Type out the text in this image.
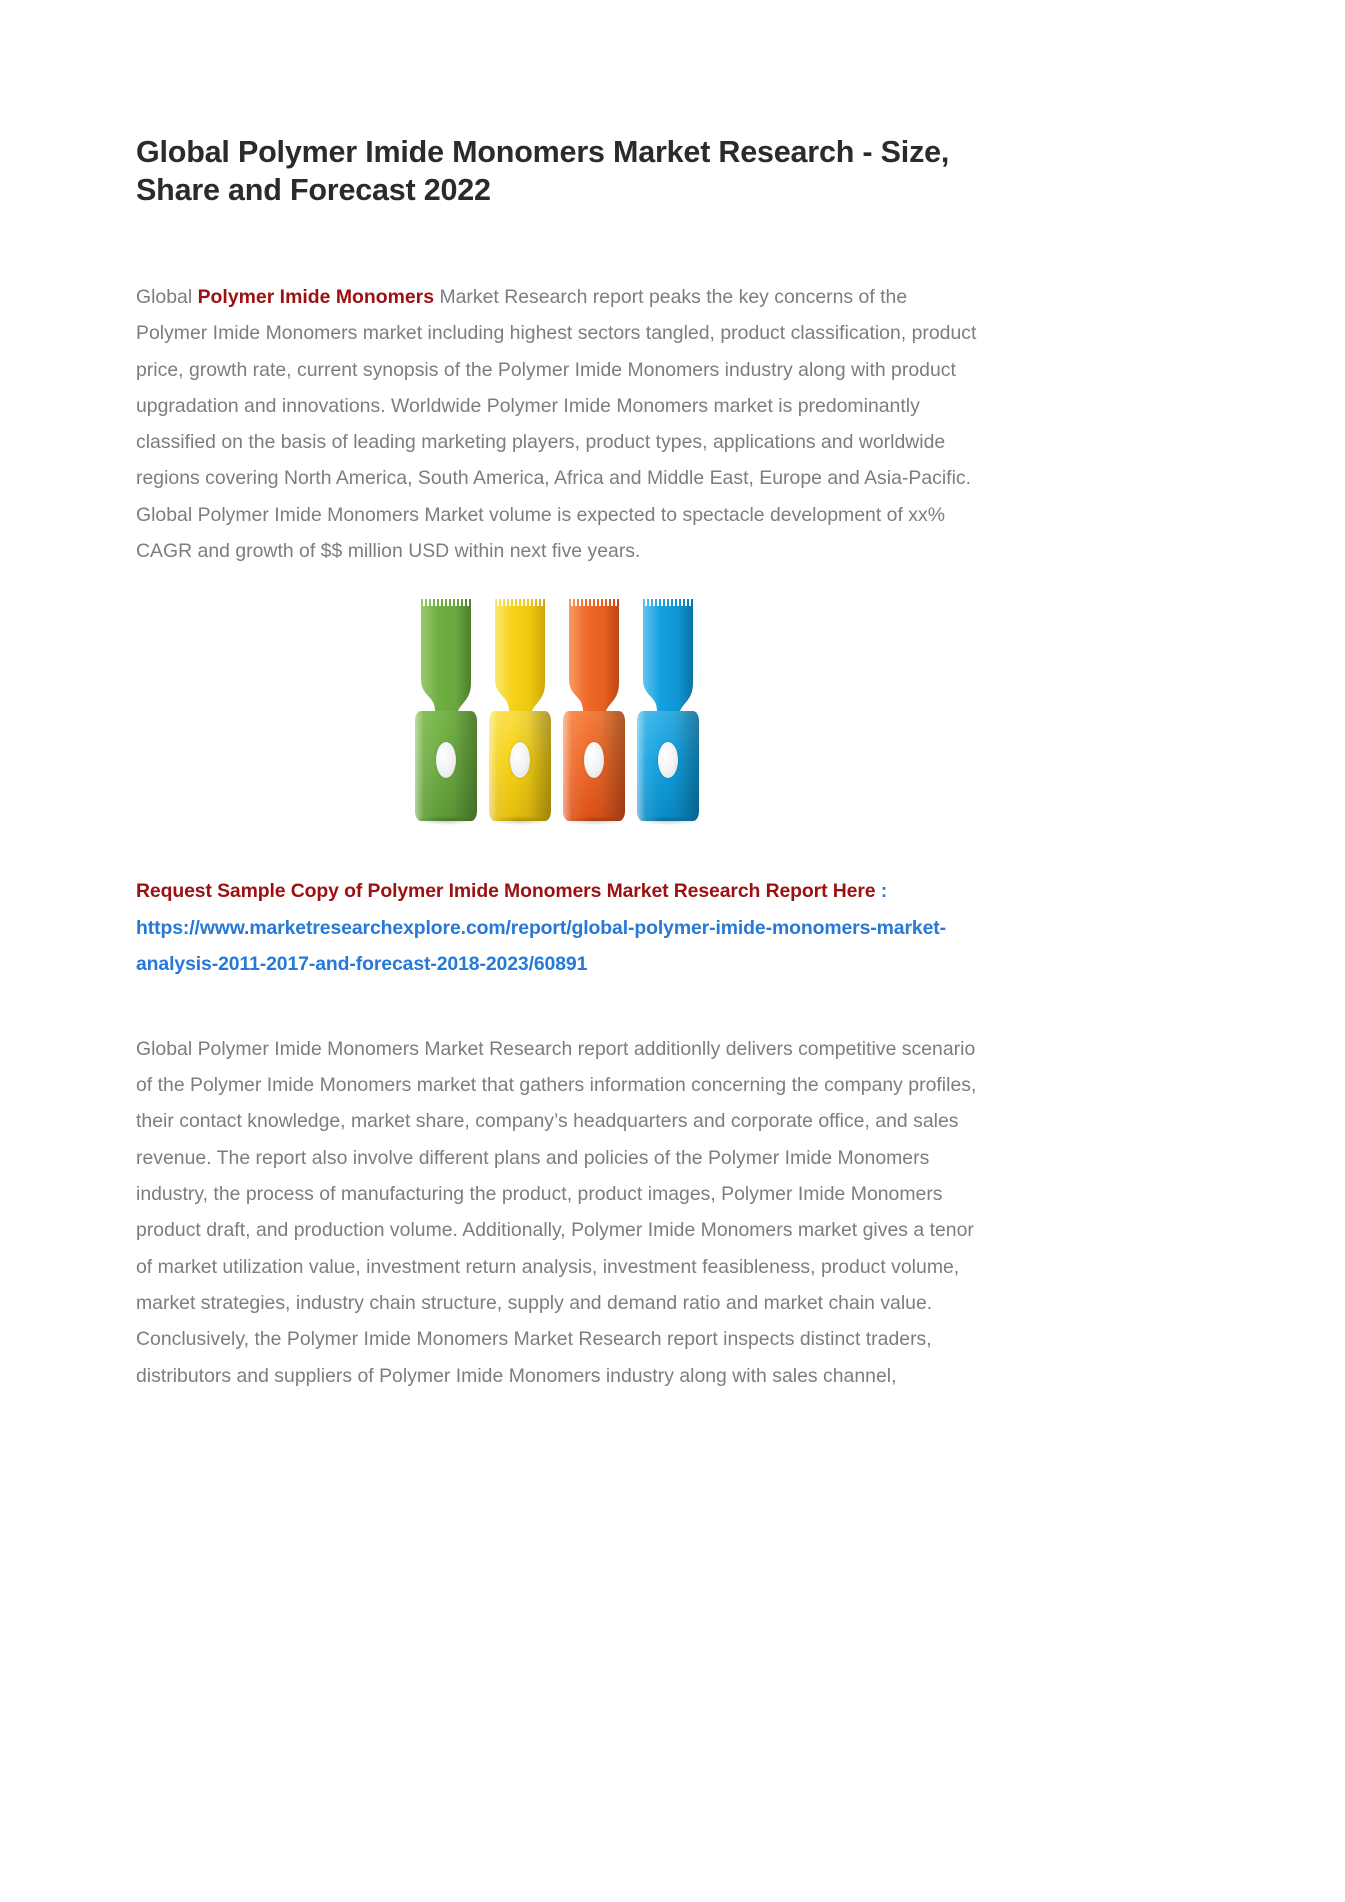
Global Polymer Imide Monomers Market Research - Size, Share and Forecast 2022

Global Polymer Imide Monomers Market Research report peaks the key concerns of the Polymer Imide Monomers market including highest sectors tangled, product classification, product price, growth rate, current synopsis of the Polymer Imide Monomers industry along with product upgradation and innovations. Worldwide Polymer Imide Monomers market is predominantly classified on the basis of leading marketing players, product types, applications and worldwide regions covering North America, South America, Africa and Middle East, Europe and Asia-Pacific. Global Polymer Imide Monomers Market volume is expected to spectacle development of xx% CAGR and growth of $$ million USD within next five years.

Request Sample Copy of Polymer Imide Monomers Market Research Report Here : https://www.marketresearchexplore.com/report/global-polymer-imide-monomers-market-analysis-2011-2017-and-forecast-2018-2023/60891

Global Polymer Imide Monomers Market Research report additionlly delivers competitive scenario of the Polymer Imide Monomers market that gathers information concerning the company profiles, their contact knowledge, market share, company’s headquarters and corporate office, and sales revenue. The report also involve different plans and policies of the Polymer Imide Monomers industry, the process of manufacturing the product, product images, Polymer Imide Monomers product draft, and production volume. Additionally, Polymer Imide Monomers market gives a tenor of market utilization value, investment return analysis, investment feasibleness, product volume, market strategies, industry chain structure, supply and demand ratio and market chain value. Conclusively, the Polymer Imide Monomers Market Research report inspects distinct traders, distributors and suppliers of Polymer Imide Monomers industry along with sales channel,
